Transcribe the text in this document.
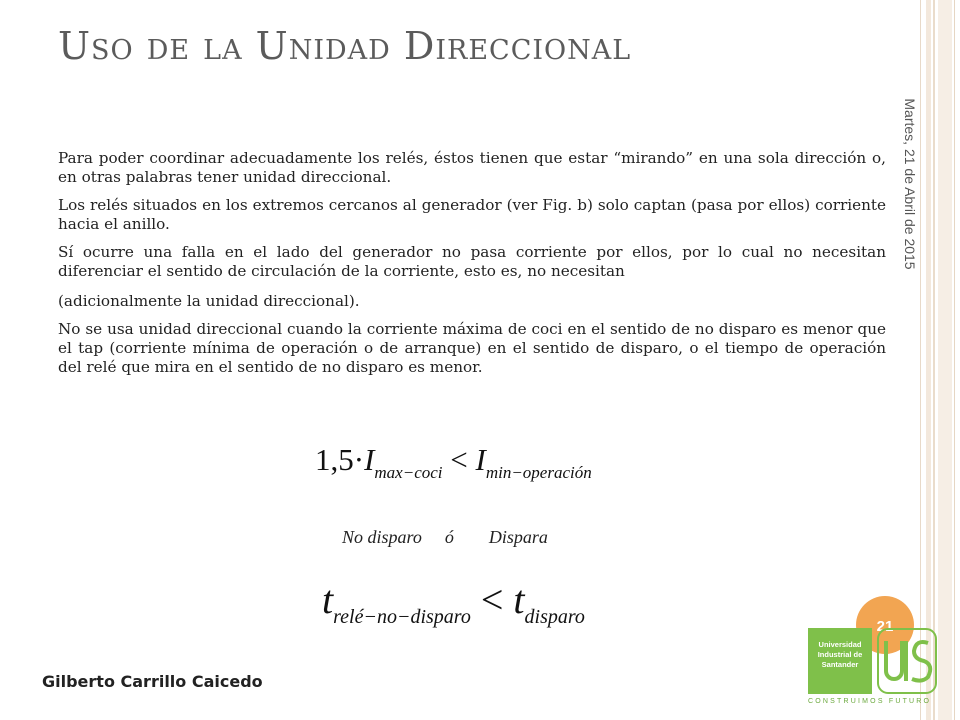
Uso de la Unidad Direccional
Martes, 21 de Abril de 2015

Para poder coordinar adecuadamente los relés, éstos tienen que estar “mirando” en una sola dirección o, en otras palabras tener unidad direccional.

Los relés situados en los extremos cercanos al generador (ver Fig. b) solo captan (pasa por ellos) corriente hacia el anillo.

Sí ocurre una falla en el lado del generador no pasa corriente por ellos, por lo cual no necesitan diferenciar el sentido de circulación de la corriente, esto es, no necesitan

(adicionalmente la unidad direccional).

No se usa unidad direccional cuando la corriente máxima de coci en el sentido de no disparo es menor que el tap (corriente mínima de operación o de arranque) en el sentido de disparo, o el tiempo de operación del relé que mira en el sentido de no disparo es menor.

$1,5\cdot I_{max-coci} < I_{min-operación}$
No disparo ó Dispara
$t_{relé-no-disparo} < t_{disparo}$
Gilberto Carrillo Caicedo
21
Universidad
Industrial de
Santander
CONSTRUIMOS FUTURO
